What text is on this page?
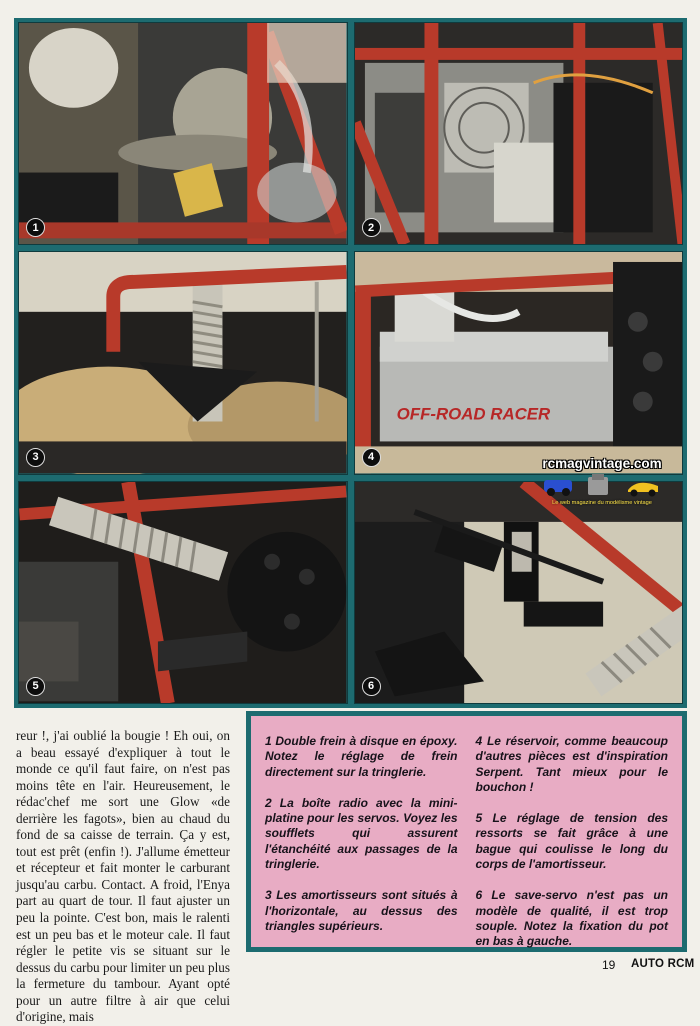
1	2
3
OFF-ROAD RACER
4
5	6
rcmagvintage.com
Le web magazine du modélisme vintage

reur !, j'ai oublié la bougie ! Eh oui, on a beau essayé d'expliquer à tout le monde ce qu'il faut faire, on n'est pas moins tête en l'air. Heureusement, le rédac'chef me sort une Glow «de derrière les fagots», bien au chaud du fond de sa caisse de terrain. Ça y est, tout est prêt (enfin !). J'allume émetteur et récepteur et fait monter le carburant jusqu'au carbu. Contact. A froid, l'Enya part au quart de tour. Il faut ajuster un peu la pointe. C'est bon, mais le ralenti est un peu bas et le moteur cale. Il faut régler le petite vis se situant sur le dessus du carbu pour limiter un peu plus la fermeture du tambour. Ayant opté pour un autre filtre à air que celui d'origine, mais

1 Double frein à disque en époxy. Notez le réglage de frein directement sur la tringlerie.

2 La boîte radio avec la mini-platine pour les servos. Voyez les soufflets qui assurent l'étanchéité aux passages de la tringlerie.

3 Les amortisseurs sont situés à l'horizontale, au dessus des triangles supérieurs.

4 Le réservoir, comme beaucoup d'autres pièces est d'inspiration Serpent. Tant mieux pour le bouchon !

5 Le réglage de tension des ressorts se fait grâce à une bague qui coulisse le long du corps de l'amortisseur.

6 Le save-servo n'est pas un modèle de qualité, il est trop souple. Notez la fixation du pot en bas à gauche.

19 AUTO RCM
